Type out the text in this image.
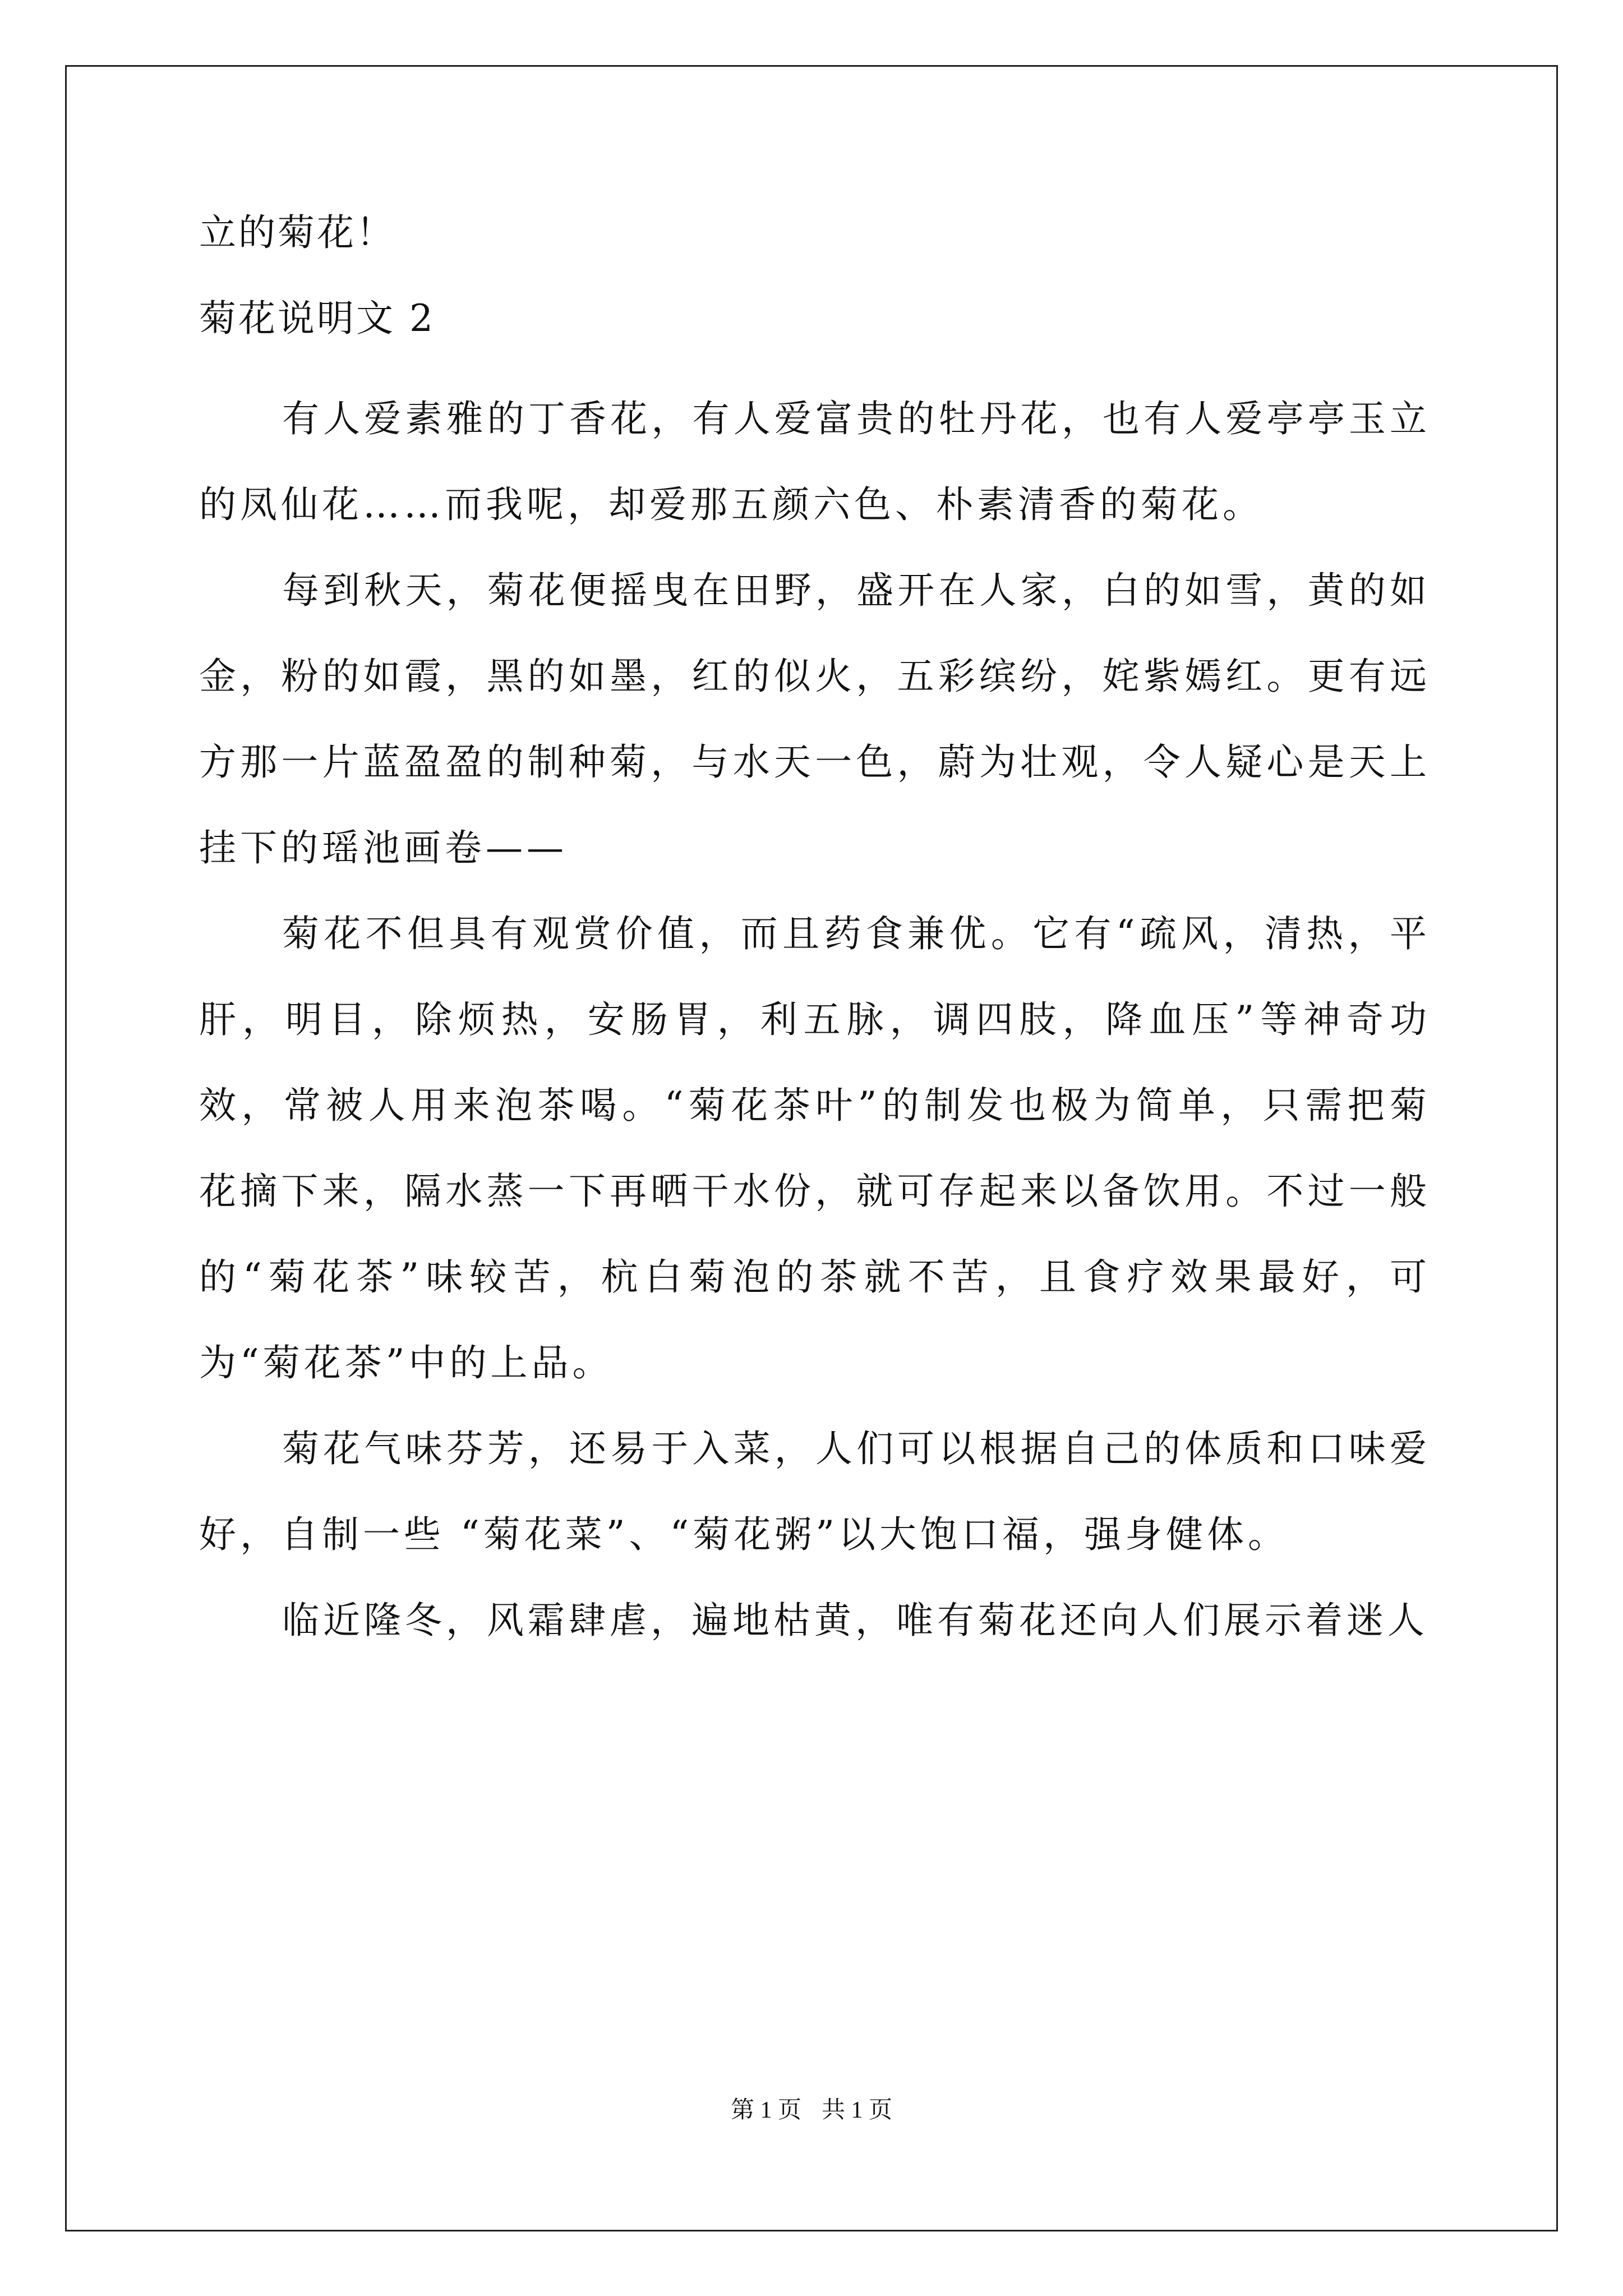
立的菊花！

菊花说明文 2

有人爱素雅的丁香花，有人爱富贵的牡丹花，也有人爱亭亭玉立的凤仙花……而我呢，却爱那五颜六色、朴素清香的菊花。

每到秋天，菊花便摇曳在田野，盛开在人家，白的如雪，黄的如金，粉的如霞，黑的如墨，红的似火，五彩缤纷，姹紫嫣红。更有远方那一片蓝盈盈的制种菊，与水天一色，蔚为壮观，令人疑心是天上挂下的瑶池画卷——

菊花不但具有观赏价值，而且药食兼优。它有“疏风，清热，平肝，明目，除烦热，安肠胃，利五脉，调四肢，降血压”等神奇功效，常被人用来泡茶喝。“菊花茶叶”的制发也极为简单，只需把菊花摘下来，隔水蒸一下再晒干水份，就可存起来以备饮用。不过一般的“菊花茶”味较苦，杭白菊泡的茶就不苦，且食疗效果最好，可为“菊花茶”中的上品。

菊花气味芬芳，还易于入菜，人们可以根据自己的体质和口味爱好，自制一些 “菊花菜”、“菊花粥”以大饱口福，强身健体。

临近隆冬，风霜肆虐，遍地枯黄，唯有菊花还向人们展示着迷人

第 1 页 共 1 页
